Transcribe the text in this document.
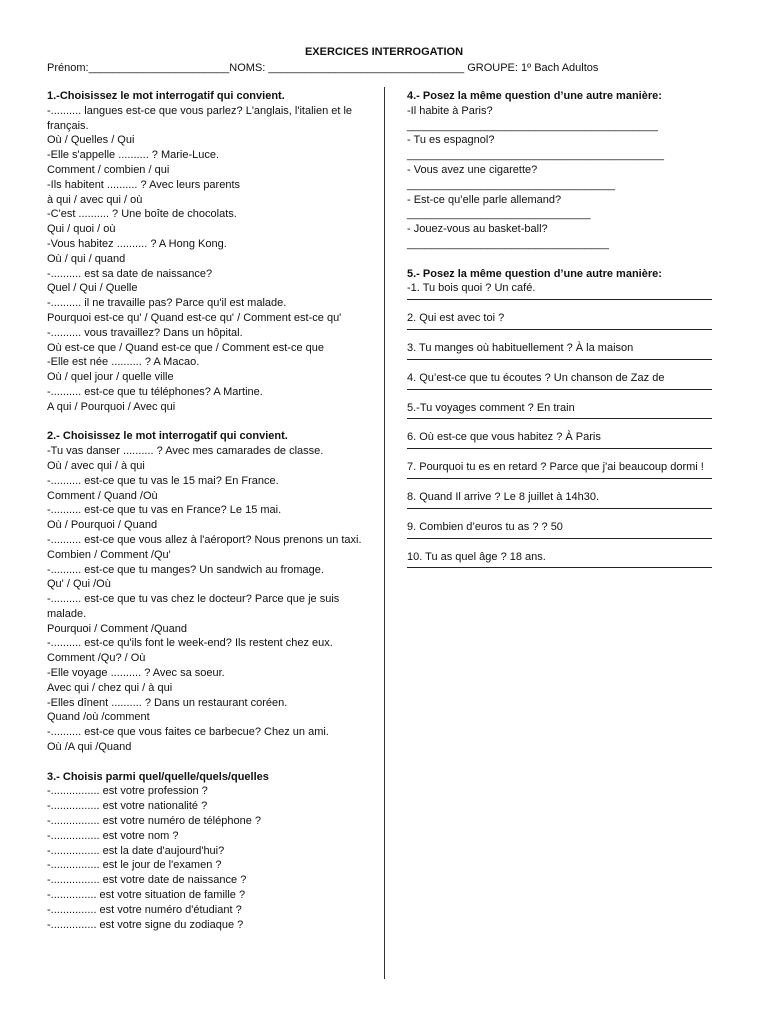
EXERCICES INTERROGATION
Prénom:_______________________NOMS: ________________________________ GROUPE: 1º Bach Adultos
1.-Choisissez le mot interrogatif qui convient.
-.......... langues est-ce que vous parlez? L'anglais, l'italien et le français.
Où / Quelles / Qui
-Elle s'appelle .......... ? Marie-Luce.
Comment / combien / qui
-Ils habitent .......... ? Avec leurs parents
à qui / avec qui / où
-C'est .......... ? Une boîte de chocolats.
Qui / quoi / où
-Vous habitez .......... ? A Hong Kong.
Où / qui / quand
-.......... est sa date de naissance?
Quel / Qui / Quelle
-.......... il ne travaille pas? Parce qu'il est malade.
Pourquoi est-ce qu' / Quand est-ce qu' / Comment est-ce qu'
-.......... vous travaillez? Dans un hôpital.
Où est-ce que / Quand est-ce que / Comment est-ce que
-Elle est née .......... ? A Macao.
Où / quel jour / quelle ville
-.......... est-ce que tu téléphones? A Martine.
A qui / Pourquoi / Avec qui
2.- Choisissez le mot interrogatif qui convient.
-Tu vas danser .......... ? Avec mes camarades de classe.
Où / avec qui / à qui
-.......... est-ce que tu vas le 15 mai? En France.
Comment / Quand /Où
-.......... est-ce que tu vas en France? Le 15 mai.
Où / Pourquoi / Quand
-.......... est-ce que vous allez à l'aéroport? Nous prenons un taxi.
Combien / Comment /Qu'
-.......... est-ce que tu manges? Un sandwich au fromage.
Qu' / Qui /Où
-.......... est-ce que tu vas chez le docteur? Parce que je suis malade.
Pourquoi / Comment /Quand
-.......... est-ce qu'ils font le week-end? Ils restent chez eux.
Comment /Qu? / Où
-Elle voyage .......... ? Avec sa soeur.
Avec qui / chez qui / à qui
-Elles dînent .......... ? Dans un restaurant coréen.
Quand /où /comment
-.......... est-ce que vous faites ce barbecue? Chez un ami.
Où /A qui /Quand
3.- Choisis parmi quel/quelle/quels/quelles
-................ est votre profession ?
-................ est votre nationalité ?
-................ est votre numéro de téléphone ?
-................ est votre nom ?
-................ est la date d'aujourd'hui?
-................ est le jour de l'examen ?
-................ est votre date de naissance ?
-............... est votre situation de famille ?
-............... est votre numéro d'étudiant ?
-............... est votre signe du zodiaque ?
4.- Posez la même question d’une autre manière:
-Il habite à Paris?
_________________________________________
- Tu es espagnol?
__________________________________________
- Vous avez une cigarette?
__________________________________
- Est-ce qu’elle parle allemand?
______________________________
- Jouez-vous au basket-ball?
_________________________________
5.- Posez la même question d’une autre manière:
-1. Tu bois quoi ? Un café.
2. Qui est avec toi ?
3. Tu manges où habituellement ? À la maison
4. Qu’est-ce que tu écoutes ? Un chanson de Zaz de
5.-Tu voyages comment ? En train
6. Où est-ce que vous habitez ? À Paris
7. Pourquoi tu es en retard ? Parce que j'ai beaucoup dormi !
8. Quand Il arrive ? Le 8 juillet à 14h30.
9. Combien d’euros tu as ? ? 50
10. Tu as quel âge ? 18 ans.
